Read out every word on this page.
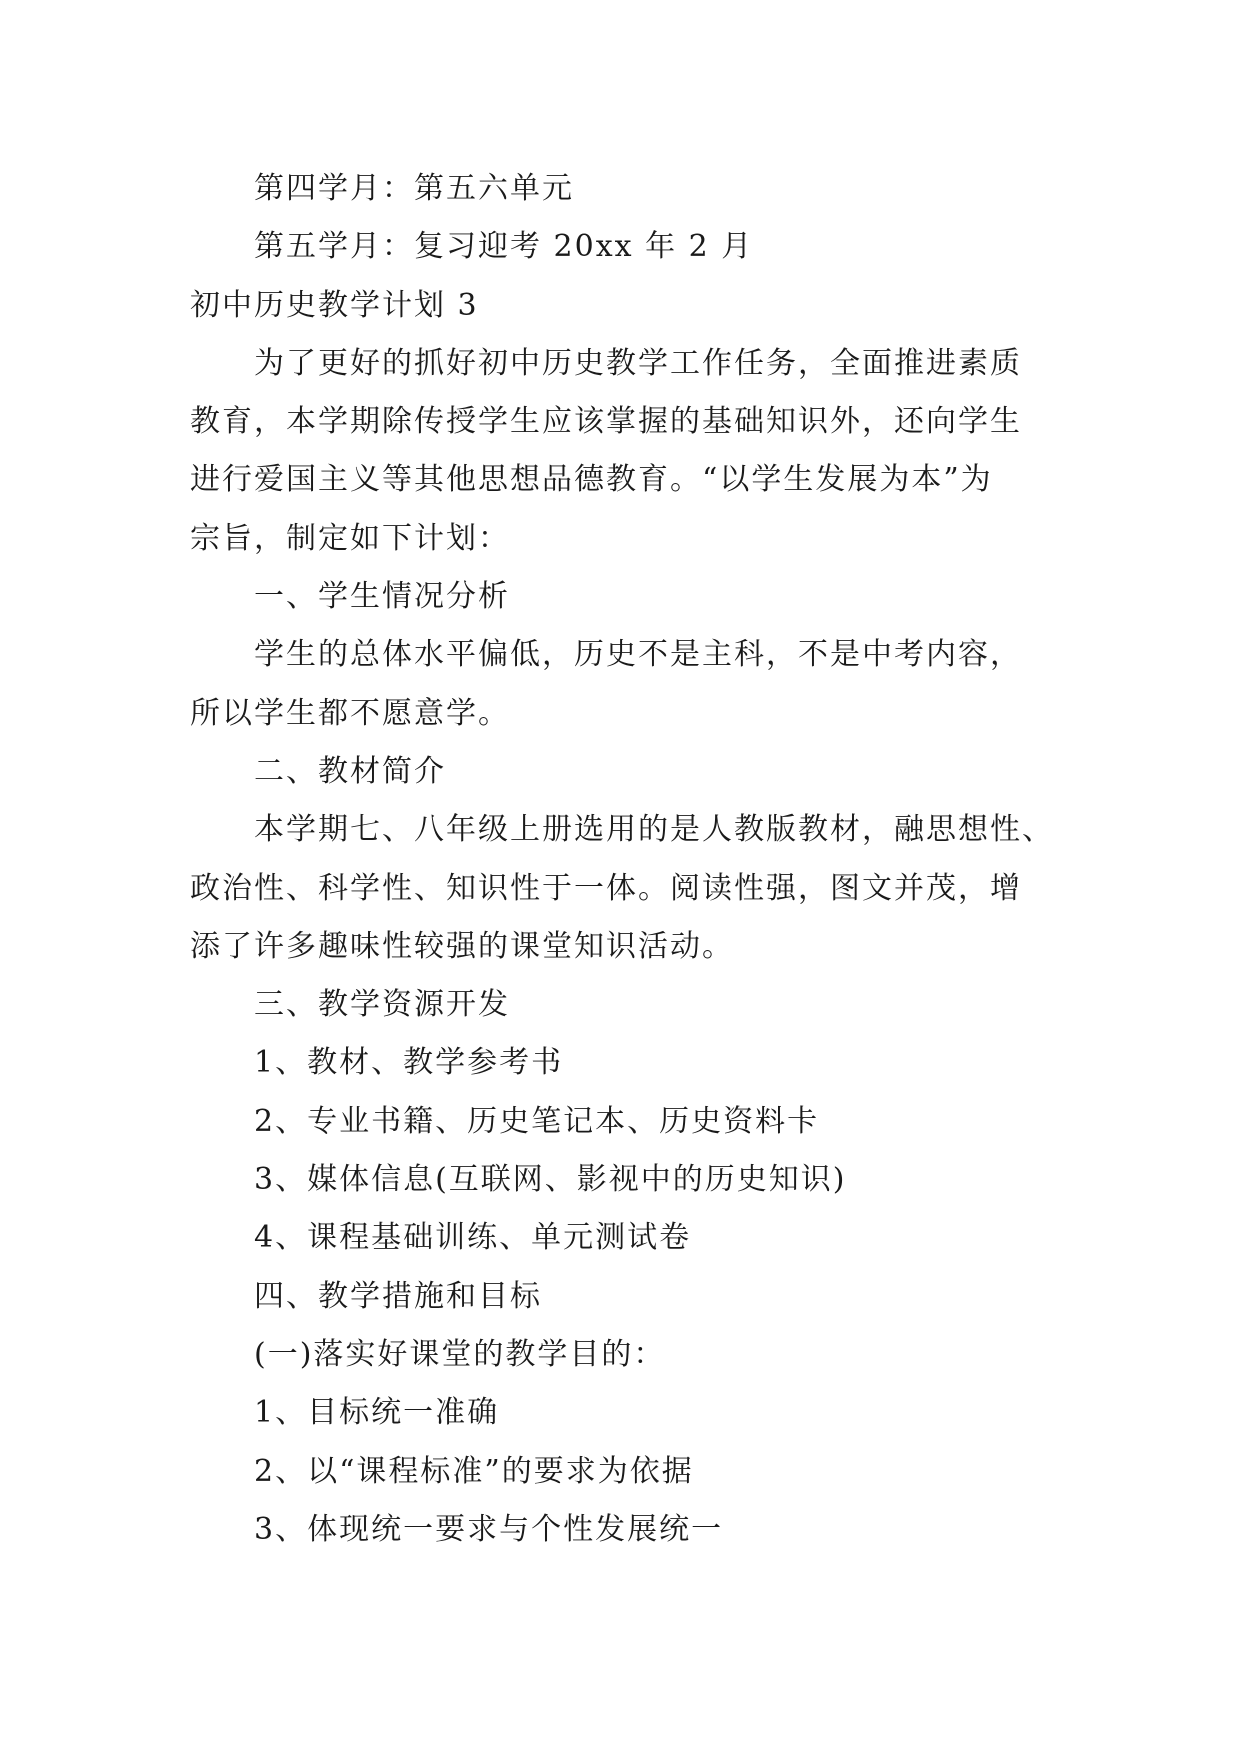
第四学月：第五六单元
第五学月：复习迎考 20xx 年 2 月
初中历史教学计划 3
为了更好的抓好初中历史教学工作任务，全面推进素质
教育，本学期除传授学生应该掌握的基础知识外，还向学生
进行爱国主义等其他思想品德教育。“以学生发展为本”为
宗旨，制定如下计划：
一、学生情况分析
学生的总体水平偏低，历史不是主科，不是中考内容，
所以学生都不愿意学。
二、教材简介
本学期七、八年级上册选用的是人教版教材，融思想性、
政治性、科学性、知识性于一体。阅读性强，图文并茂，增
添了许多趣味性较强的课堂知识活动。
三、教学资源开发
1、教材、教学参考书
2、专业书籍、历史笔记本、历史资料卡
3、媒体信息(互联网、影视中的历史知识)
4、课程基础训练、单元测试卷
四、教学措施和目标
(一)落实好课堂的教学目的：
1、目标统一准确
2、以“课程标准”的要求为依据
3、体现统一要求与个性发展统一
